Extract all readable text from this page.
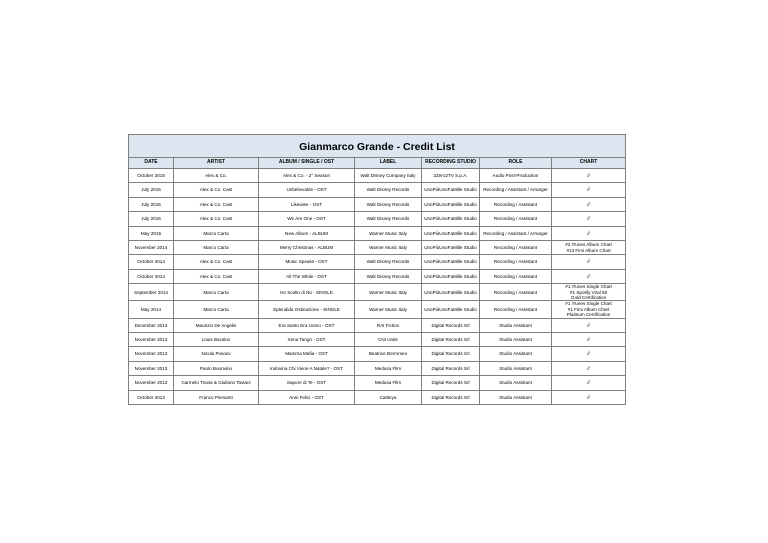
Gianmarco Grande - Credit List						
DATE	ARTIST	ALBUM / SINGLE / OST	LABEL	RECORDING STUDIO	ROLE	CHART
October 2015	Alex & Co.	Alex & Co. - 2° Season	Walt Disney Company Italy	3Zero2TV S.p.A.	Audio Post-Production	//

July 2015	Alex & Co. Cast	Unbelievable - OST	Walt Disney Records	UnoPiùUnoFaMille Studio	Recording / Assistant / Arranger	//

July 2015	Alex & Co. Cast	Likewise - OST	Walt Disney Records	UnoPiùUnoFaMille Studio	Recording / Assistant	//

July 2015	Alex & Co. Cast	We Are One - OST	Walt Disney Records	UnoPiùUnoFaMille Studio	Recording / Assistant	//

May 2015	Marco Carta	New Album - ALBUM	Warner Music Italy	UnoPiùUnoFaMille Studio	Recording / Assistant / Arranger	//

November 2014	Marco Carta	Merry Christmas - ALBUM	Warner Music Italy	UnoPiùUnoFaMille Studio	Recording / Assistant	#2 iTunes Album Chart
#13 Fimi Album Chart

October 2014	Alex & Co. Cast	Music Speaks - OST	Walt Disney Records	UnoPiùUnoFaMille Studio	Recording / Assistant	//

October 2014	Alex & Co. Cast	All The While - OST	Walt Disney Records	UnoPiùUnoFaMille Studio	Recording / Assistant	//

September 2014	Marco Carta	Ho Scelto di No - SINGLE	Warner Music Italy	UnoPiùUnoFaMille Studio	Recording / Assistant	#1 iTunes Single Chart
#1 Spotify Viral 50
Gold Certification

May 2014	Marco Carta	Splendida Ostinazione - SINGLE	Warner Music Italy	UnoPiùUnoFaMille Studio	Recording / Assistant	#1 iTunes Single Chart
#1 Fimi Album Chart
Platinum Certification

December 2013	Maurizio De Angelis	Era Santo Era Uomo - OST	RAI Fiction	Digital Records Srl	Studio Assistant	//

November 2013	Louis Bacalov	Xena Tango - OST	CNI Unite	Digital Records Srl	Studio Assistant	//

November 2013	Nicola Piovani	Mamma Mafia - OST	Beatrice Borromeo	Digital Records Srl	Studio Assistant	//

November 2013	Paolo Buonvino	Indovina Chi Viene A Natale? - OST	Medusa Film	Digital Records Srl	Studio Assistant	//

November 2013	Carmelo Travia & Giuliano Taviani	Sapore di Te - OST	Medusa Film	Digital Records Srl	Studio Assistant	//

October 2013	Franco Piersanti	Anni Felici - OST	Cattleya	Digital Records Srl	Studio Assistant	//
